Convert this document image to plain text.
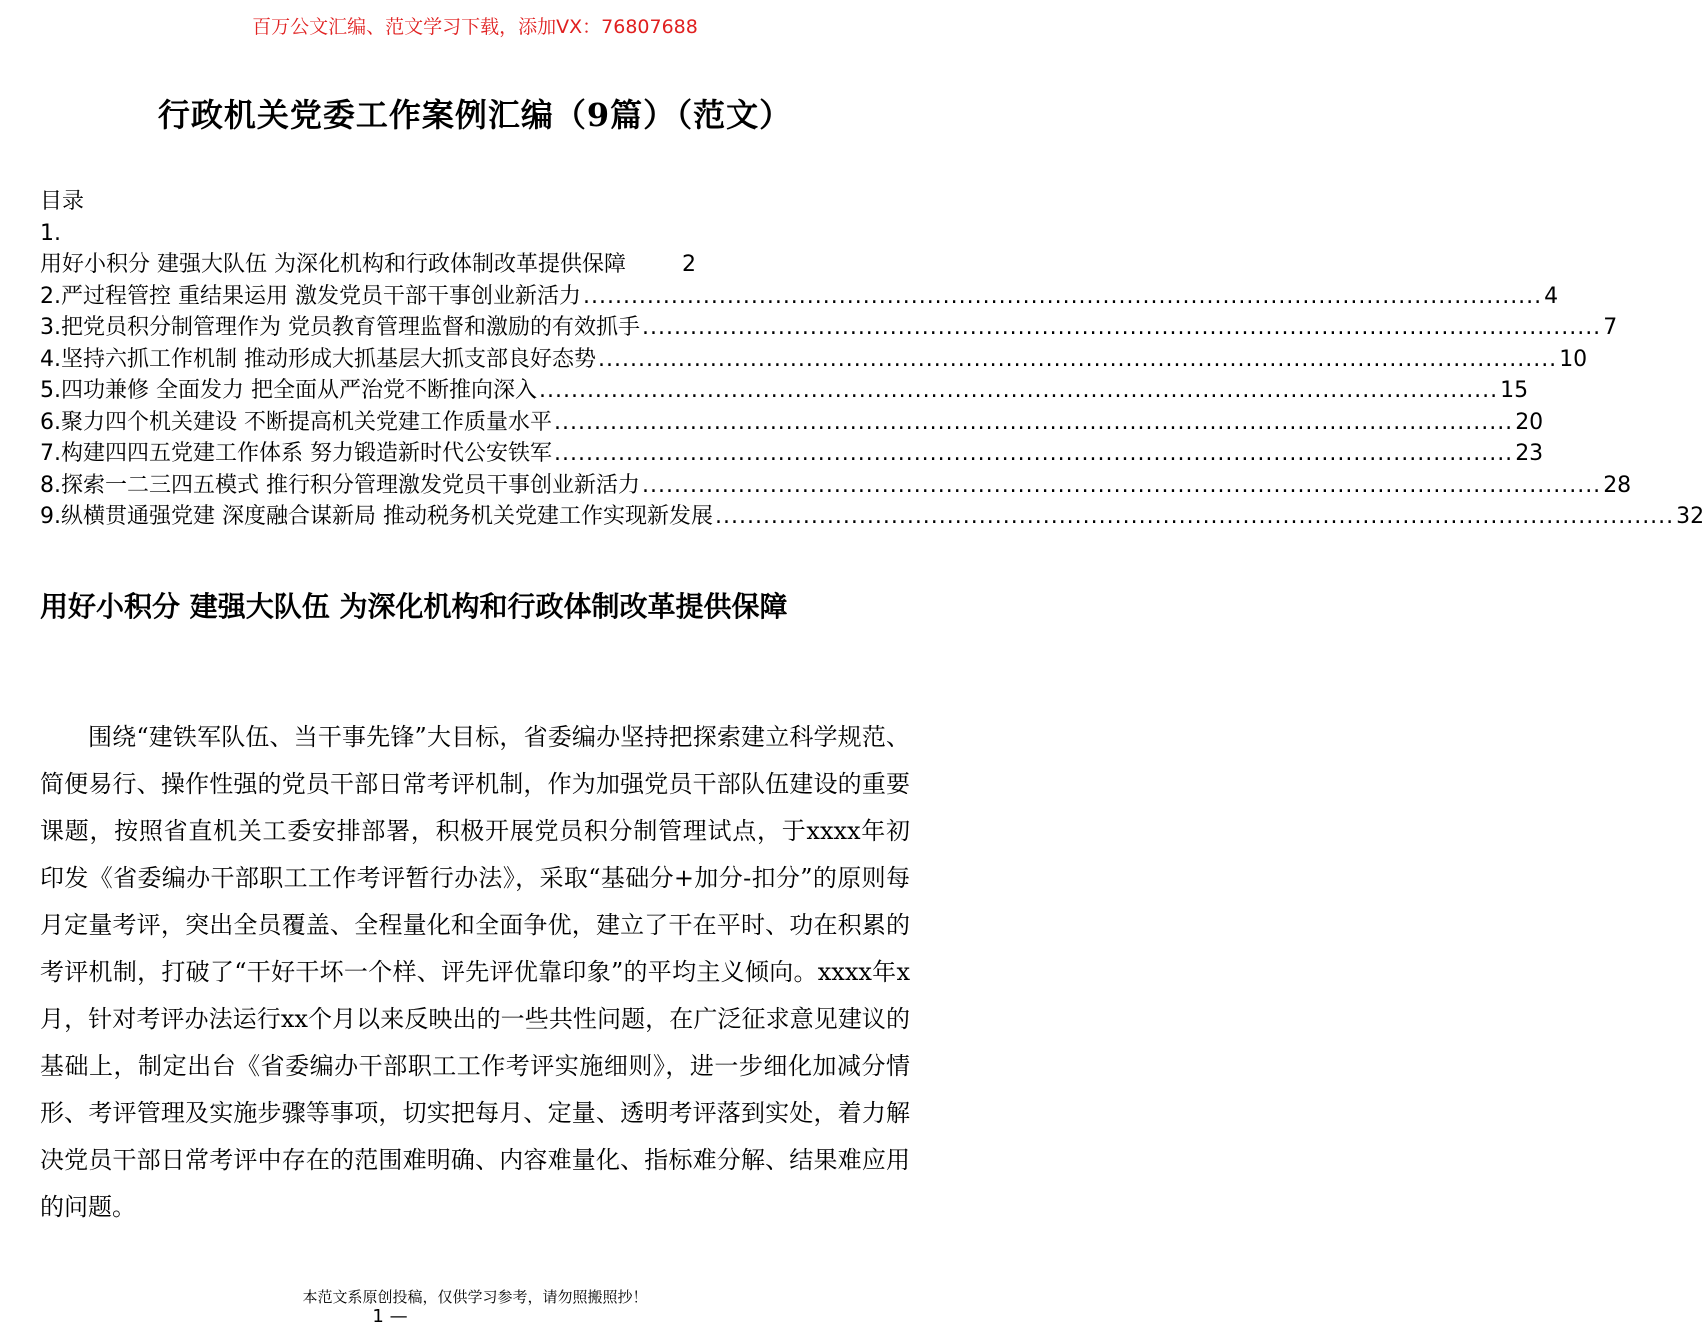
百万公文汇编、范文学习下载，添加VX：76807688
行政机关党委工作案例汇编（9篇）（范文）
目录
1.
用好小积分 建强大队伍 为深化机构和行政体制改革提供保障	2
2.严过程管控 重结果运用 激发党员干部干事创业新活力 ........................................................................................................................ 4
3.把党员积分制管理作为 党员教育管理监督和激励的有效抓手 ........................................................................................................................ 7
4.坚持六抓工作机制 推动形成大抓基层大抓支部良好态势 ........................................................................................................................ 10
5.四功兼修 全面发力 把全面从严治党不断推向深入 ........................................................................................................................ 15
6.聚力四个机关建设 不断提高机关党建工作质量水平 ........................................................................................................................ 20
7.构建四四五党建工作体系 努力锻造新时代公安铁军 ........................................................................................................................ 23
8.探索一二三四五模式 推行积分管理激发党员干事创业新活力 ........................................................................................................................ 28
9.纵横贯通强党建 深度融合谋新局 推动税务机关党建工作实现新发展 ........................................................................................................................ 32
用好小积分 建强大队伍 为深化机构和行政体制改革提供保障

围绕“建铁军队伍、当干事先锋”大目标，省委编办坚持把探索建立科学规范、简便易行、操作性强的党员干部日常考评机制，作为加强党员干部队伍建设的重要课题，按照省直机关工委安排部署，积极开展党员积分制管理试点，于xxxx年初印发《省委编办干部职工工作考评暂行办法》，采取“基础分+加分-扣分”的原则每月定量考评，突出全员覆盖、全程量化和全面争优，建立了干在平时、功在积累的考评机制，打破了“干好干坏一个样、评先评优靠印象”的平均主义倾向。xxxx年x月，针对考评办法运行xx个月以来反映出的一些共性问题，在广泛征求意见建议的基础上，制定出台《省委编办干部职工工作考评实施细则》，进一步细化加减分情形、考评管理及实施步骤等事项，切实把每月、定量、透明考评落到实处，着力解决党员干部日常考评中存在的范围难明确、内容难量化、指标难分解、结果难应用的问题。

本范文系原创投稿，仅供学习参考，请勿照搬照抄！
1 —
